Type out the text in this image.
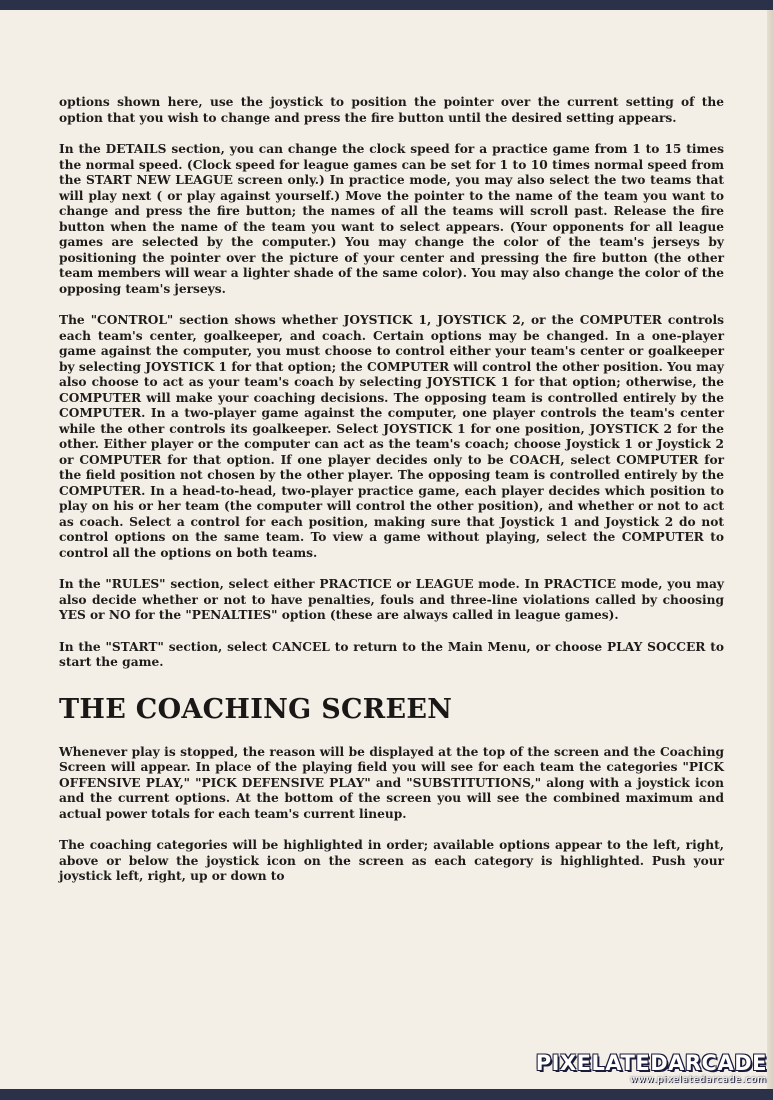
options shown here, use the joystick to position the pointer over the current setting of the option that you wish to change and press the fire button until the desired setting appears.

In the DETAILS section, you can change the clock speed for a practice game from 1 to 15 times the normal speed. (Clock speed for league games can be set for 1 to 10 times normal speed from the START NEW LEAGUE screen only.) In practice mode, you may also select the two teams that will play next ( or play against yourself.) Move the pointer to the name of the team you want to change and press the fire button; the names of all the teams will scroll past. Release the fire button when the name of the team you want to select appears. (Your opponents for all league games are selected by the computer.) You may change the color of the team's jerseys by positioning the pointer over the picture of your center and pressing the fire button (the other team members will wear a lighter shade of the same color). You may also change the color of the opposing team's jerseys.

The "CONTROL" section shows whether JOYSTICK 1, JOYSTICK 2, or the COMPUTER controls each team's center, goalkeeper, and coach. Certain options may be changed. In a one-player game against the computer, you must choose to control either your team's center or goalkeeper by selecting JOYSTICK 1 for that option; the COMPUTER will control the other position. You may also choose to act as your team's coach by selecting JOYSTICK 1 for that option; otherwise, the COMPUTER will make your coaching decisions. The opposing team is controlled entirely by the COMPUTER. In a two-player game against the computer, one player controls the team's center while the other controls its goalkeeper. Select JOYSTICK 1 for one position, JOYSTICK 2 for the other. Either player or the computer can act as the team's coach; choose Joystick 1 or Joystick 2 or COMPUTER for that option. If one player decides only to be COACH, select COMPUTER for the field position not chosen by the other player. The opposing team is controlled entirely by the COMPUTER. In a head-to-head, two-player practice game, each player decides which position to play on his or her team (the computer will control the other position), and whether or not to act as coach. Select a control for each position, making sure that Joystick 1 and Joystick 2 do not control options on the same team. To view a game without playing, select the COMPUTER to control all the options on both teams.

In the "RULES" section, select either PRACTICE or LEAGUE mode. In PRACTICE mode, you may also decide whether or not to have penalties, fouls and three-line violations called by choosing YES or NO for the "PENALTIES" option (these are always called in league games).

In the "START" section, select CANCEL to return to the Main Menu, or choose PLAY SOCCER to start the game.

THE COACHING SCREEN

Whenever play is stopped, the reason will be displayed at the top of the screen and the Coaching Screen will appear. In place of the playing field you will see for each team the categories "PICK OFFENSIVE PLAY," "PICK DEFENSIVE PLAY" and "SUBSTITUTIONS," along with a joystick icon and the current options. At the bottom of the screen you will see the combined maximum and actual power totals for each team's current lineup.

The coaching categories will be highlighted in order; available options appear to the left, right, above or below the joystick icon on the screen as each category is highlighted. Push your joystick left, right, up or down to

PIXELATEDARCADE
www.pixelatedarcade.com
